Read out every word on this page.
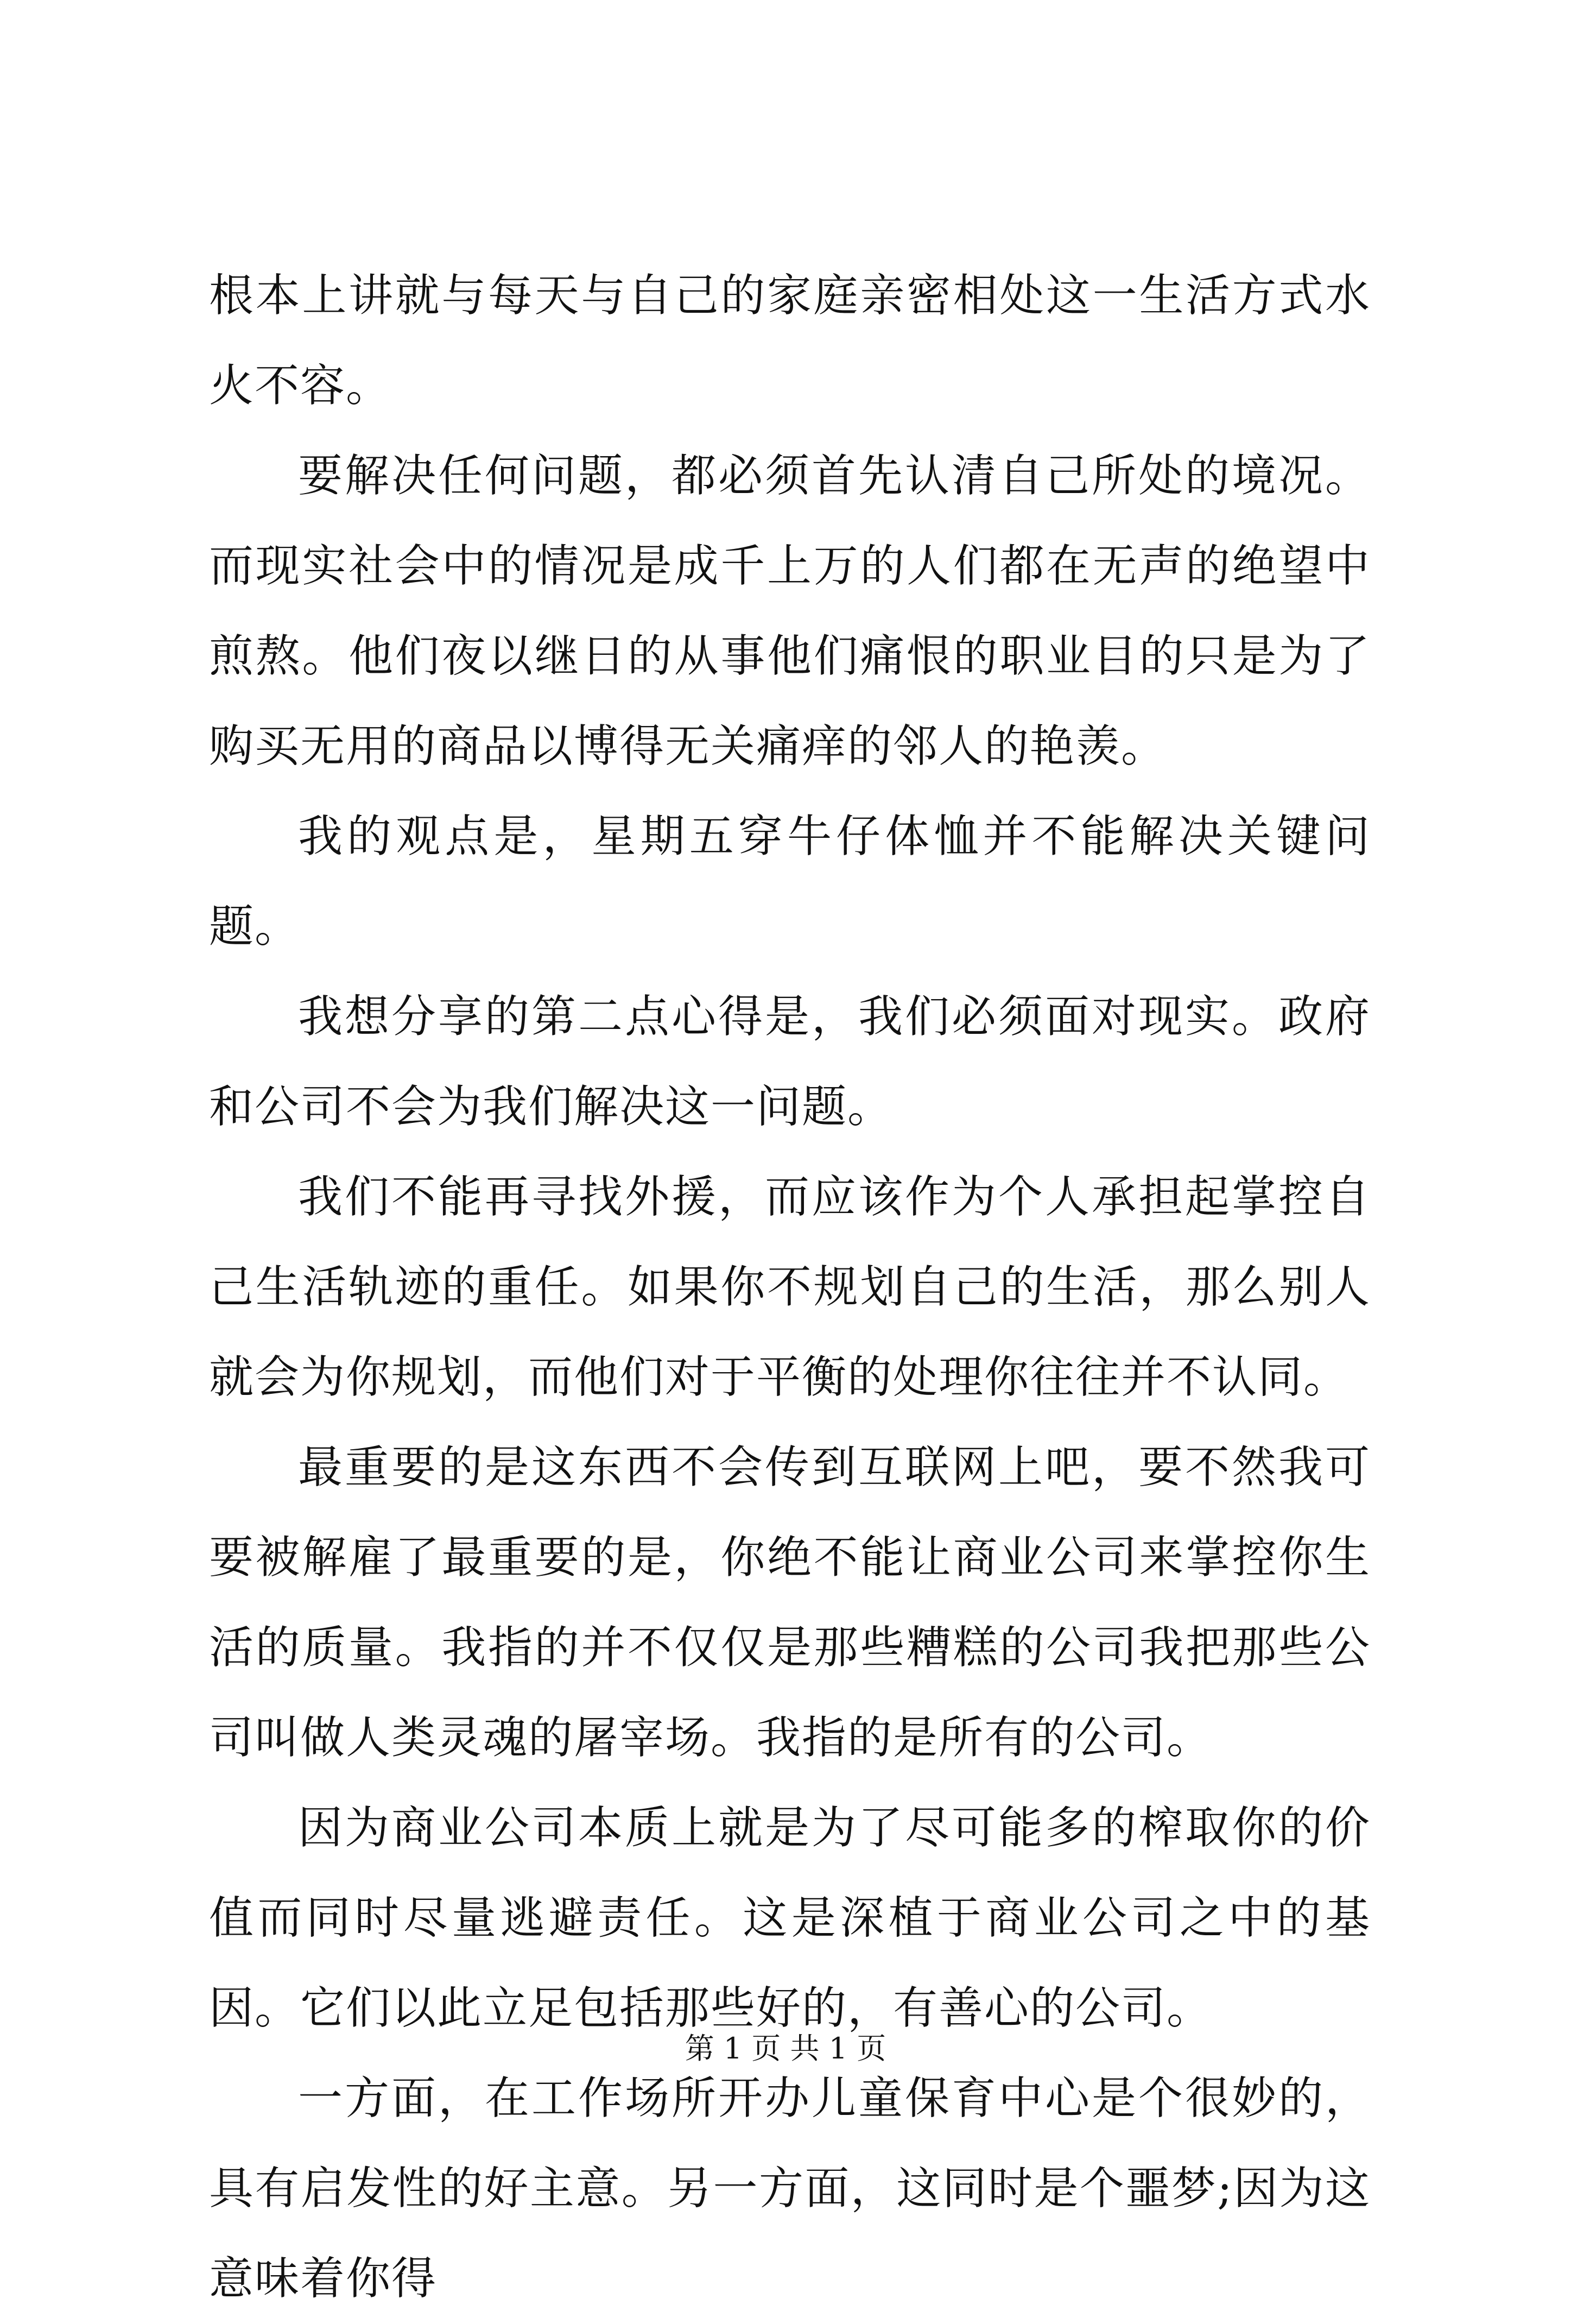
根本上讲就与每天与自己的家庭亲密相处这一生活方式水火不容。

要解决任何问题，都必须首先认清自己所处的境况。而现实社会中的情况是成千上万的人们都在无声的绝望中煎熬。他们夜以继日的从事他们痛恨的职业目的只是为了购买无用的商品以博得无关痛痒的邻人的艳羡。

我的观点是，星期五穿牛仔体恤并不能解决关键问题。

我想分享的第二点心得是，我们必须面对现实。政府和公司不会为我们解决这一问题。

我们不能再寻找外援，而应该作为个人承担起掌控自己生活轨迹的重任。如果你不规划自己的生活，那么别人就会为你规划，而他们对于平衡的处理你往往并不认同。

最重要的是这东西不会传到互联网上吧，要不然我可要被解雇了最重要的是，你绝不能让商业公司来掌控你生活的质量。我指的并不仅仅是那些糟糕的公司我把那些公司叫做人类灵魂的屠宰场。我指的是所有的公司。

因为商业公司本质上就是为了尽可能多的榨取你的价值而同时尽量逃避责任。这是深植于商业公司之中的基因。它们以此立足包括那些好的，有善心的公司。

一方面，在工作场所开办儿童保育中心是个很妙的，具有启发性的好主意。另一方面，这同时是个噩梦;因为这意味着你得

第 1 页 共 1 页
